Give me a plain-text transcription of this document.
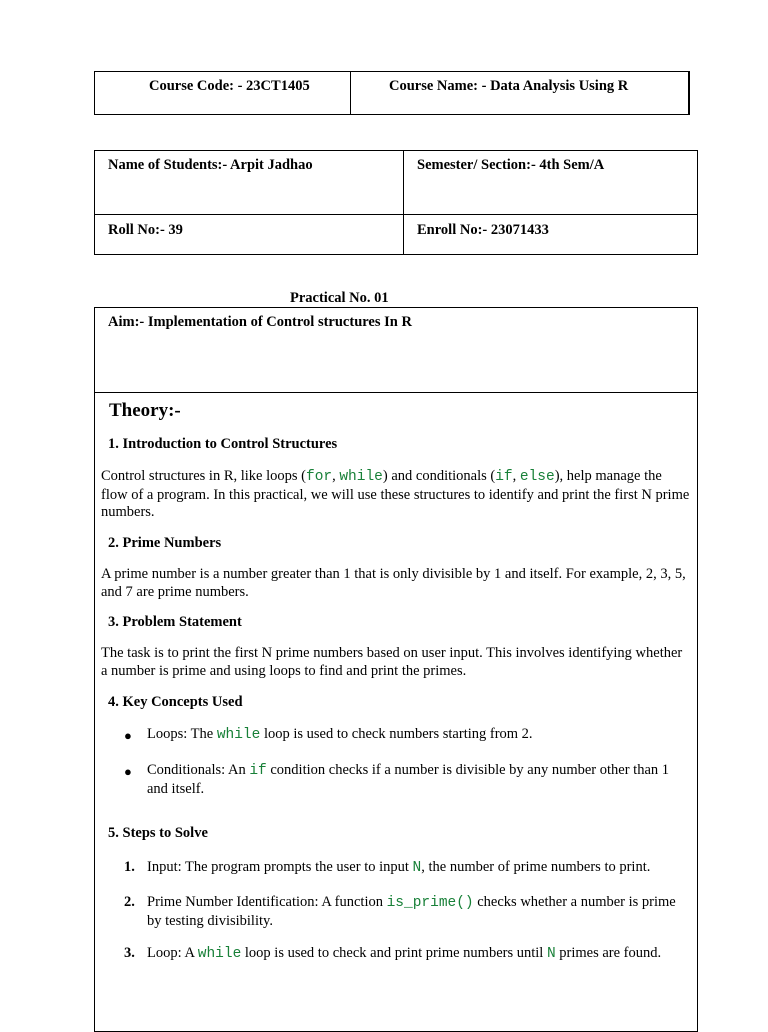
Course Code: - 23CT1405	Course Name: - Data Analysis Using R
Name of Students:- Arpit Jadhao	Semester/ Section:- 4th Sem/A
Roll No:- 39	Enroll No:- 23071433
Practical No. 01
Aim:- Implementation of Control structures In R
Theory:-
1. Introduction to Control Structures
Control structures in R, like loops (for, while) and conditionals (if, else), help manage the flow of a program. In this practical, we will use these structures to identify and print the first N prime numbers.
2. Prime Numbers
A prime number is a number greater than 1 that is only divisible by 1 and itself. For example, 2, 3, 5, and 7 are prime numbers.
3. Problem Statement
The task is to print the first N prime numbers based on user input. This involves identifying whether a number is prime and using loops to find and print the primes.
4. Key Concepts Used
● Loops: The while loop is used to check numbers starting from 2.
● Conditionals: An if condition checks if a number is divisible by any number other than 1 and itself.
5. Steps to Solve
1. Input: The program prompts the user to input N, the number of prime numbers to print.
2. Prime Number Identification: A function is_prime() checks whether a number is prime by testing divisibility.
3. Loop: A while loop is used to check and print prime numbers until N primes are found.
